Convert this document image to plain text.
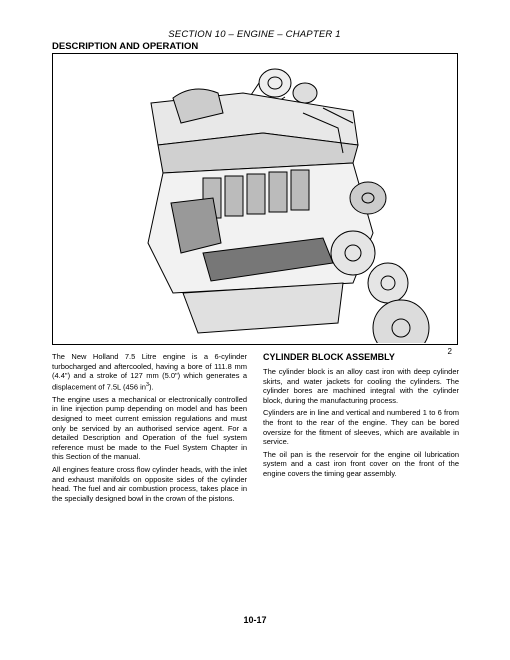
SECTION 10 – ENGINE – CHAPTER 1
DESCRIPTION AND OPERATION
2

The New Holland 7.5 Litre engine is a 6-cylinder turbocharged and aftercooled, having a bore of 111.8 mm (4.4") and a stroke of 127 mm (5.0") which generates a displacement of 7.5L (456 $in^3$).

The engine uses a mechanical or electronically controlled in line injection pump depending on model and has been designed to meet current emission regulations and must only be serviced by an authorised service agent. For a detailed Description and Operation of the fuel system reference must be made to the Fuel System Chapter in this Section of the manual.

All engines feature cross flow cylinder heads, with the inlet and exhaust manifolds on opposite sides of the cylinder head. The fuel and air combustion process, takes place in the specially designed bowl in the crown of the pistons.

CYLINDER BLOCK ASSEMBLY

The cylinder block is an alloy cast iron with deep cylinder skirts, and water jackets for cooling the cylinders. The cylinder bores are machined integral with the cylinder block, during the manufacturing process.

Cylinders are in line and vertical and numbered 1 to 6 from the front to the rear of the engine. They can be bored oversize for the fitment of sleeves, which are available in service.

The oil pan is the reservoir for the engine oil lubrication system and a cast iron front cover on the front of the engine covers the timing gear assembly.

10-17
